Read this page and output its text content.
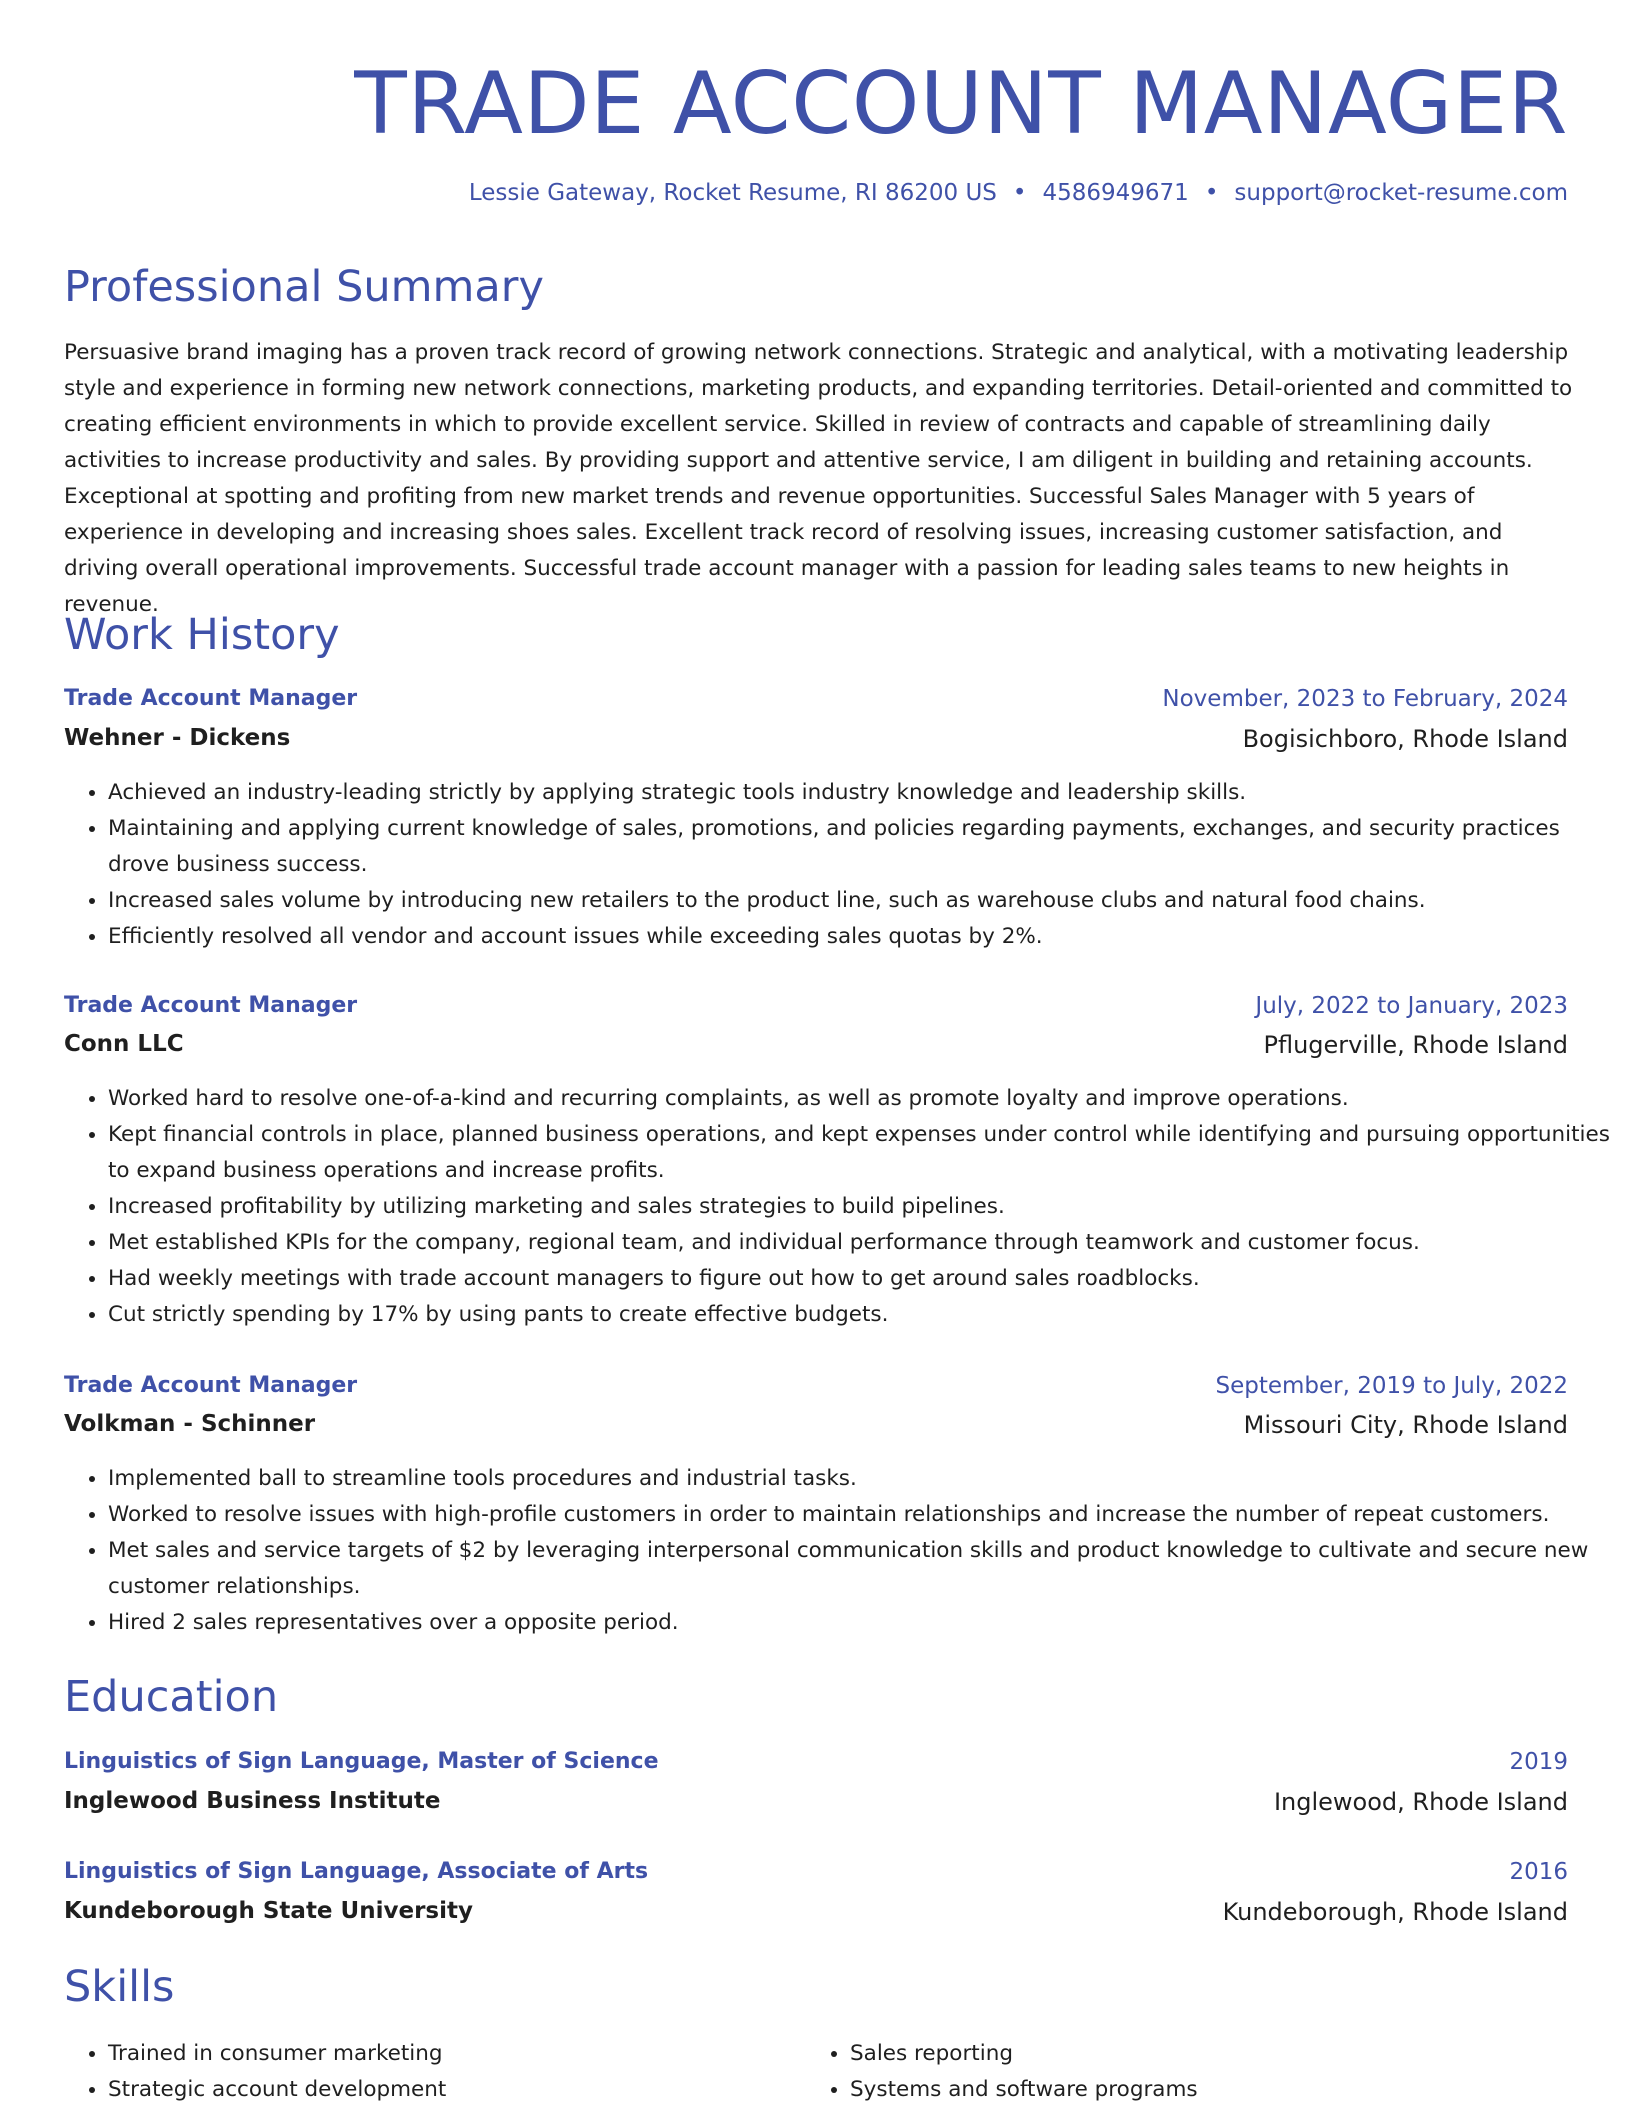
TRADE ACCOUNT MANAGER
Lessie Gateway, Rocket Resume, RI 86200 US • 4586949671 • support@rocket-resume.com
Professional Summary

Persuasive brand imaging has a proven track record of growing network connections. Strategic and analytical, with a motivating leadership style and experience in forming new network connections, marketing products, and expanding territories. Detail-oriented and committed to creating efficient environments in which to provide excellent service. Skilled in review of contracts and capable of streamlining daily activities to increase productivity and sales. By providing support and attentive service, I am diligent in building and retaining accounts. Exceptional at spotting and profiting from new market trends and revenue opportunities. Successful Sales Manager with 5 years of experience in developing and increasing shoes sales. Excellent track record of resolving issues, increasing customer satisfaction, and driving overall operational improvements. Successful trade account manager with a passion for leading sales teams to new heights in revenue.

Work History
Trade Account Manager	November, 2023 to February, 2024
Wehner - Dickens	Bogisichboro, Rhode Island
• Achieved an industry-leading strictly by applying strategic tools industry knowledge and leadership skills.
• Maintaining and applying current knowledge of sales, promotions, and policies regarding payments, exchanges, and security practices drove business success.
• Increased sales volume by introducing new retailers to the product line, such as warehouse clubs and natural food chains.
• Efficiently resolved all vendor and account issues while exceeding sales quotas by 2%.
Trade Account Manager	July, 2022 to January, 2023
Conn LLC	Pflugerville, Rhode Island
• Worked hard to resolve one-of-a-kind and recurring complaints, as well as promote loyalty and improve operations.
• Kept financial controls in place, planned business operations, and kept expenses under control while identifying and pursuing opportunities to expand business operations and increase profits.
• Increased profitability by utilizing marketing and sales strategies to build pipelines.
• Met established KPIs for the company, regional team, and individual performance through teamwork and customer focus.
• Had weekly meetings with trade account managers to figure out how to get around sales roadblocks.
• Cut strictly spending by 17% by using pants to create effective budgets.
Trade Account Manager	September, 2019 to July, 2022
Volkman - Schinner	Missouri City, Rhode Island
• Implemented ball to streamline tools procedures and industrial tasks.
• Worked to resolve issues with high-profile customers in order to maintain relationships and increase the number of repeat customers.
• Met sales and service targets of $2 by leveraging interpersonal communication skills and product knowledge to cultivate and secure new customer relationships.
• Hired 2 sales representatives over a opposite period.
Education
Linguistics of Sign Language, Master of Science	2019
Inglewood Business Institute	Inglewood, Rhode Island
Linguistics of Sign Language, Associate of Arts	2016
Kundeborough State University	Kundeborough, Rhode Island
Skills
• Trained in consumer marketing
• Strategic account development
• Sales reporting
• Systems and software programs
